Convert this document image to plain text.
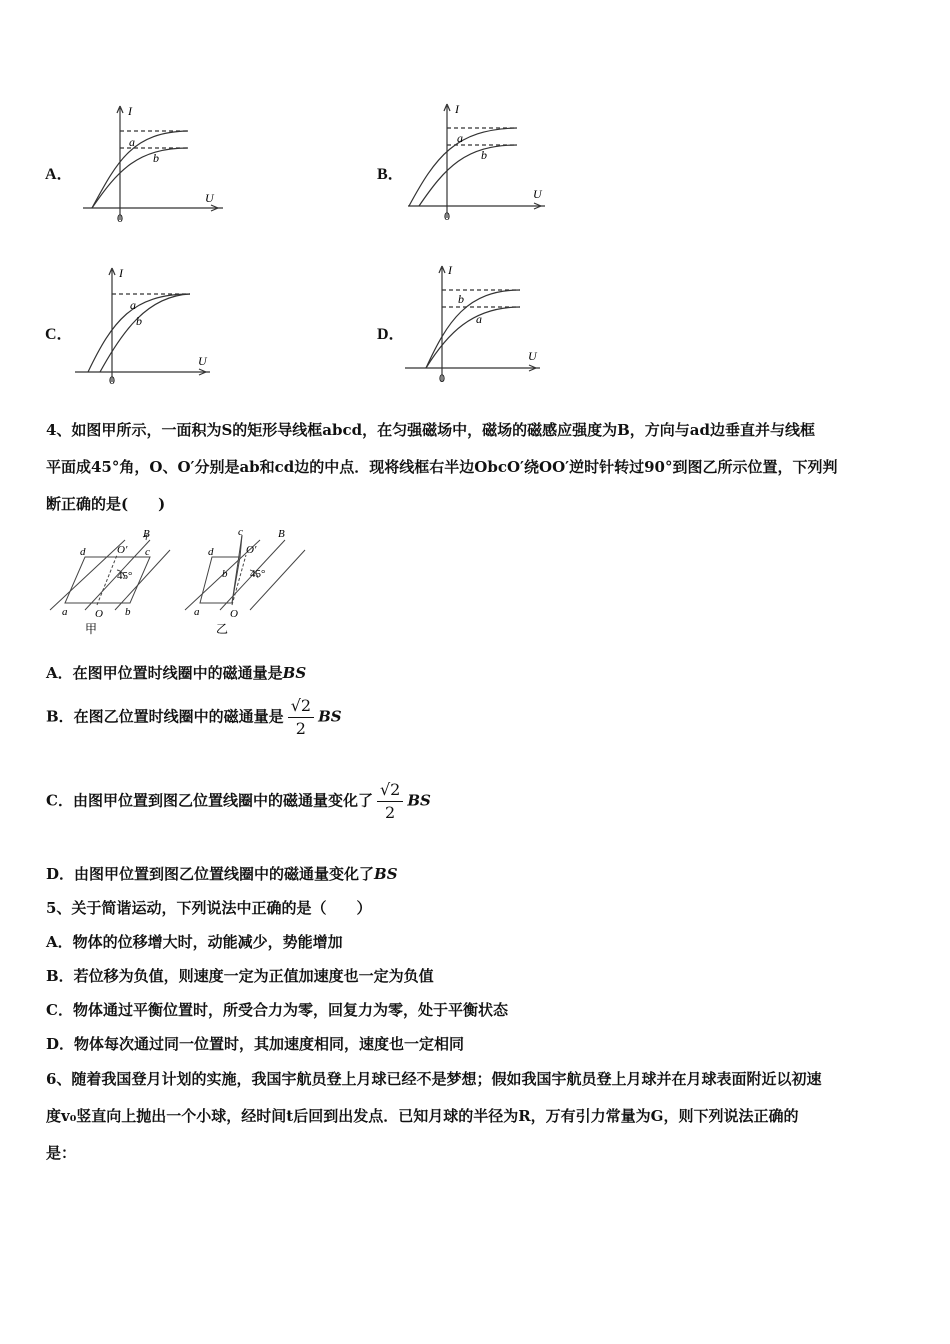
A．
I
U
0
a
b
B．
I
U
0
a
b
C．
I
U
0
a
b
D．
I
U
0
b
a
4、如图甲所示，一面积为S的矩形导线框abcd，在匀强磁场中，磁场的磁感应强度为B，方向与ad边垂直并与线框
平面成45°角，O、O′分别是ab和cd边的中点．现将线框右半边ObcO′绕OO′逆时针转过90°到图乙所示位置，下列判
断正确的是(　　)
B
d	O′ c
a	O b
45°
甲
c	B
d	O′
b
a	O
45°
乙
A．在图甲位置时线圈中的磁通量是BS
B．在图乙位置时线圈中的磁通量是 $\frac{√2}{2}$ BS
C．由图甲位置到图乙位置线圈中的磁通量变化了 $\frac{√2}{2}$ BS
D．由图甲位置到图乙位置线圈中的磁通量变化了BS
5、关于简谐运动，下列说法中正确的是（　　）
A．物体的位移增大时，动能减少，势能增加
B．若位移为负值，则速度一定为正值加速度也一定为负值
C．物体通过平衡位置时，所受合力为零，回复力为零，处于平衡状态
D．物体每次通过同一位置时，其加速度相同，速度也一定相同
6、随着我国登月计划的实施，我国宇航员登上月球已经不是梦想；假如我国宇航员登上月球并在月球表面附近以初速
度v₀竖直向上抛出一个小球，经时间t后回到出发点．已知月球的半径为R，万有引力常量为G，则下列说法正确的
是：
